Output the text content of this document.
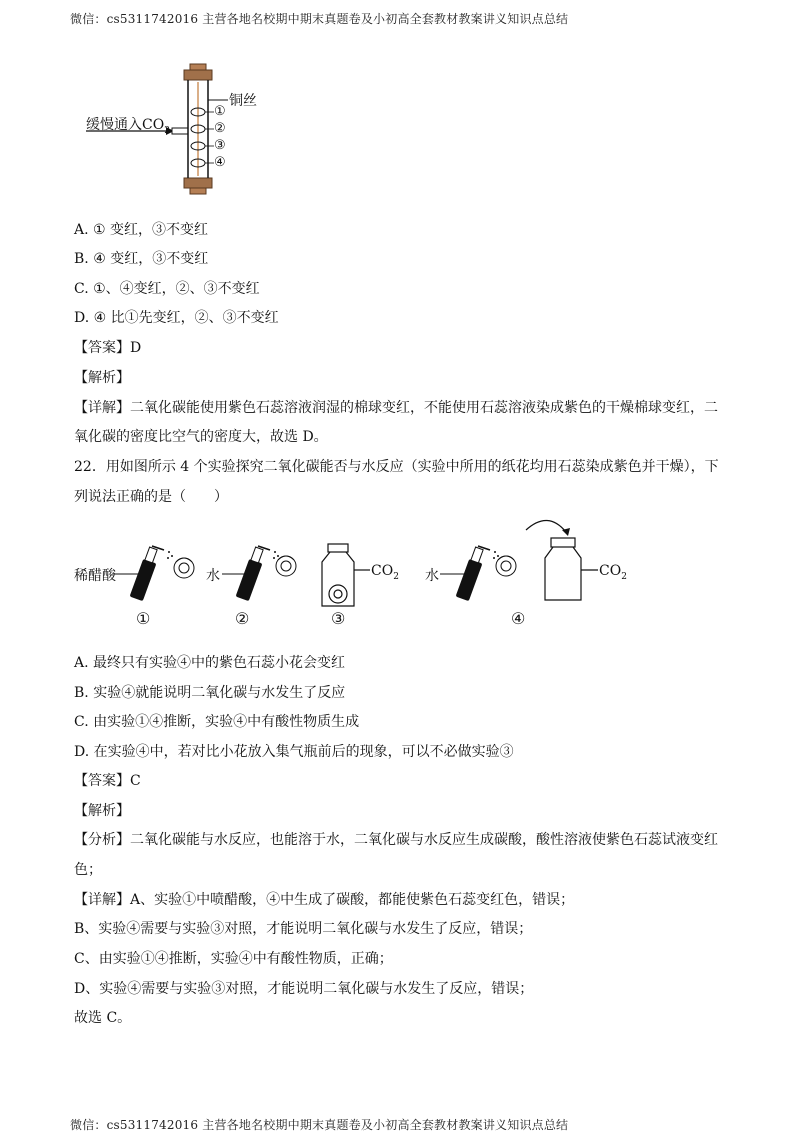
微信：cs5311742016 主营各地名校期中期末真题卷及小初高全套教材教案讲义知识点总结
缓慢通入$CO_2$
铜丝
①
②
③
④
A. ① 变红，③不变红
B. ④ 变红，③不变红
C. ①、④变红，②、③不变红
D. ④ 比①先变红，②、③不变红
【答案】D
【解析】
【详解】二氧化碳能使用紫色石蕊溶液润湿的棉球变红，不能使用石蕊溶液染成紫色的干燥棉球变红，二
氧化碳的密度比空气的密度大，故选 D。
22．用如图所示 4 个实验探究二氧化碳能否与水反应（实验中所用的纸花均用石蕊染成紫色并干燥），下
列说法正确的是（　　）
稀醋酸	水	$CO_2$ 水	$CO_2$
①	②	③	④
A. 最终只有实验④中的紫色石蕊小花会变红
B. 实验④就能说明二氧化碳与水发生了反应
C. 由实验①④推断，实验④中有酸性物质生成
D. 在实验④中，若对比小花放入集气瓶前后的现象，可以不必做实验③
【答案】C
【解析】
【分析】二氧化碳能与水反应，也能溶于水，二氧化碳与水反应生成碳酸，酸性溶液使紫色石蕊试液变红
色；
【详解】A、实验①中喷醋酸，④中生成了碳酸，都能使紫色石蕊变红色，错误；
B、实验④需要与实验③对照，才能说明二氧化碳与水发生了反应，错误；
C、由实验①④推断，实验④中有酸性物质，正确；
D、实验④需要与实验③对照，才能说明二氧化碳与水发生了反应，错误；
故选 C。
微信：cs5311742016 主营各地名校期中期末真题卷及小初高全套教材教案讲义知识点总结
